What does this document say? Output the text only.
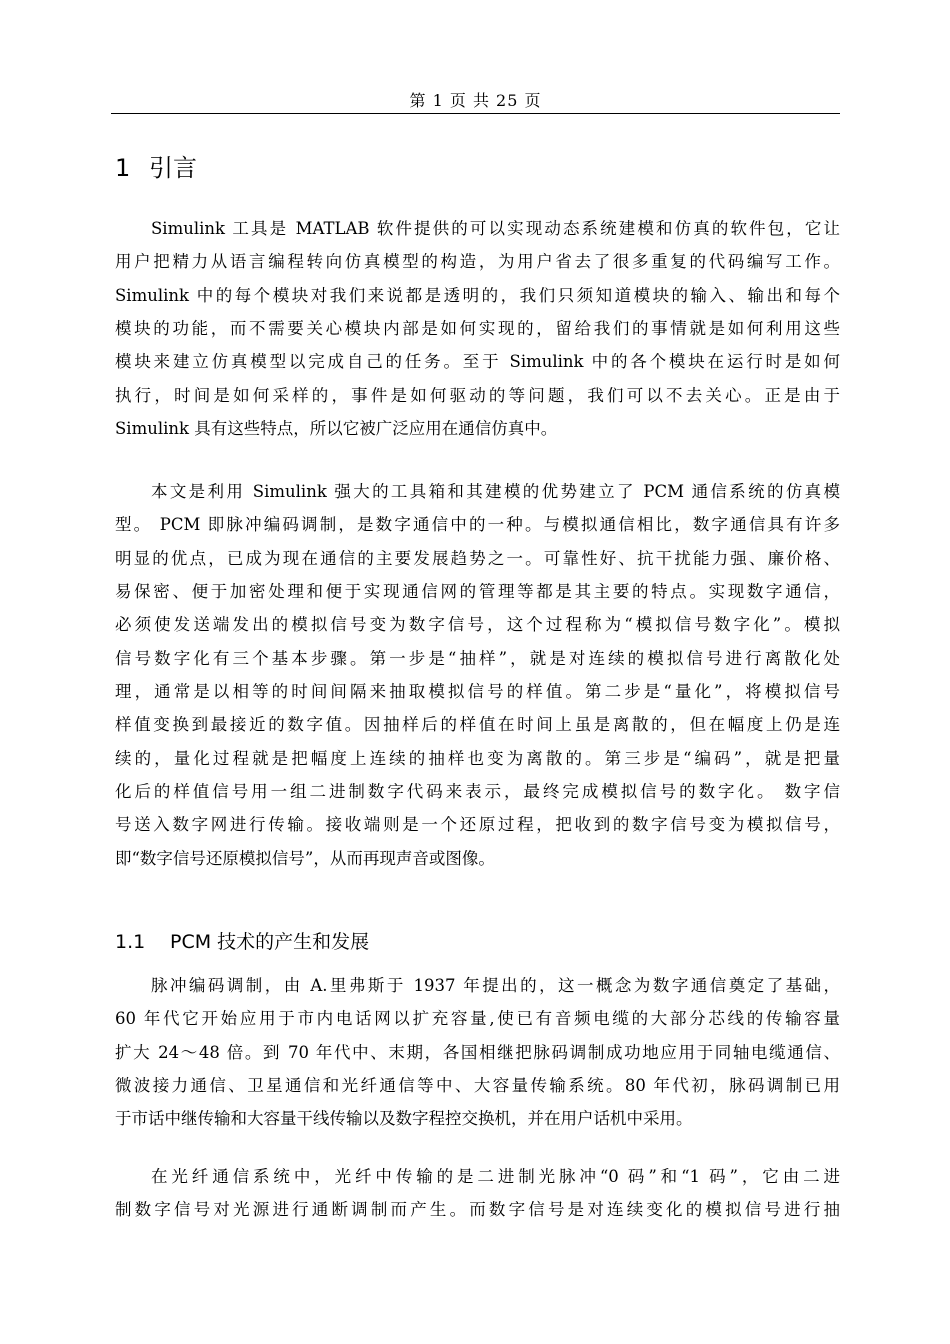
第 1 页 共 25 页
1 引言
Simulink 工具是 MATLAB 软件提供的可以实现动态系统建模和仿真的软件包，它让
用户把精力从语言编程转向仿真模型的构造，为用户省去了很多重复的代码编写工作。
Simulink 中的每个模块对我们来说都是透明的，我们只须知道模块的输入、输出和每个
模块的功能，而不需要关心模块内部是如何实现的，留给我们的事情就是如何利用这些
模块来建立仿真模型以完成自己的任务。至于 Simulink 中的各个模块在运行时是如何
执行，时间是如何采样的，事件是如何驱动的等问题，我们可以不去关心。正是由于
Simulink 具有这些特点，所以它被广泛应用在通信仿真中。
本文是利用 Simulink 强大的工具箱和其建模的优势建立了 PCM 通信系统的仿真模
型。 PCM 即脉冲编码调制，是数字通信中的一种。与模拟通信相比，数字通信具有许多
明显的优点，已成为现在通信的主要发展趋势之一。可靠性好、抗干扰能力强、廉价格、
易保密、便于加密处理和便于实现通信网的管理等都是其主要的特点。实现数字通信，
必须使发送端发出的模拟信号变为数字信号，这个过程称为“模拟信号数字化”。模拟
信号数字化有三个基本步骤。第一步是“抽样”，就是对连续的模拟信号进行离散化处
理，通常是以相等的时间间隔来抽取模拟信号的样值。第二步是“量化”，将模拟信号
样值变换到最接近的数字值。因抽样后的样值在时间上虽是离散的，但在幅度上仍是连
续的，量化过程就是把幅度上连续的抽样也变为离散的。第三步是“编码”，就是把量
化后的样值信号用一组二进制数字代码来表示，最终完成模拟信号的数字化。 数字信
号送入数字网进行传输。接收端则是一个还原过程，把收到的数字信号变为模拟信号，
即“数字信号还原模拟信号”，从而再现声音或图像。
1.1 PCM 技术的产生和发展
脉冲编码调制，由 A.里弗斯于 1937 年提出的，这一概念为数字通信奠定了基础，
60 年代它开始应用于市内电话网以扩充容量,使已有音频电缆的大部分芯线的传输容量
扩大 24～48 倍。到 70 年代中、末期，各国相继把脉码调制成功地应用于同轴电缆通信、
微波接力通信、卫星通信和光纤通信等中、大容量传输系统。80 年代初，脉码调制已用
于市话中继传输和大容量干线传输以及数字程控交换机，并在用户话机中采用。
在光纤通信系统中，光纤中传输的是二进制光脉冲“0 码”和“1 码”，它由二进
制数字信号对光源进行通断调制而产生。而数字信号是对连续变化的模拟信号进行抽
